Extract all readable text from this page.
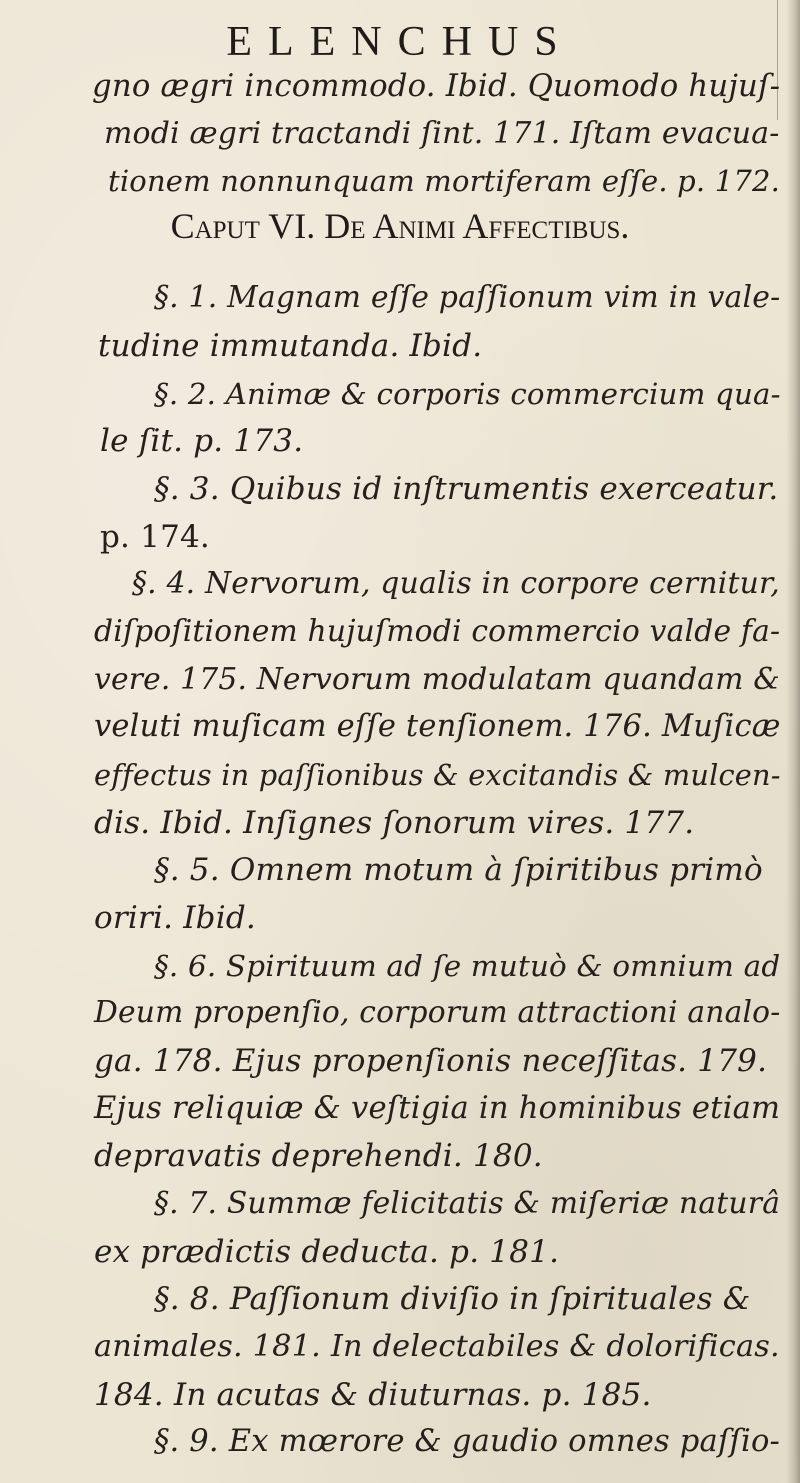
ELENCHUS
gno ægri incommodo. Ibid. Quomodo hujuſ-
modi ægri tractandi ſint. 171. Iſtam evacua-
tionem nonnunquam mortiferam eſſe. p. 172.
Caput VI. De Animi Affectibus.
§. 1. Magnam eſſe paſſionum vim in vale-
tudine immutanda. Ibid.
§. 2. Animæ & corporis commercium qua-
le ſit. p. 173.
§. 3. Quibus id inſtrumentis exerceatur.
p. 174.
§. 4. Nervorum, qualis in corpore cernitur,
diſpoſitionem hujuſmodi commercio valde fa-
vere. 175. Nervorum modulatam quandam &
veluti muſicam eſſe tenſionem. 176. Muſicæ
effectus in paſſionibus & excitandis & mulcen-
dis. Ibid. Inſignes ſonorum vires. 177.
§. 5. Omnem motum à ſpiritibus primò
oriri. Ibid.
§. 6. Spirituum ad ſe mutuò & omnium ad
Deum propenſio, corporum attractioni analo-
ga. 178. Ejus propenſionis neceſſitas. 179.
Ejus reliquiæ & veſtigia in hominibus etiam
depravatis deprehendi. 180.
§. 7. Summæ felicitatis & miſeriæ naturâ
ex prædictis deducta. p. 181.
§. 8. Paſſionum diviſio in ſpirituales &
animales. 181. In delectabiles & dolorificas.
184. In acutas & diuturnas. p. 185.
§. 9. Ex mœrore & gaudio omnes paſſio-
